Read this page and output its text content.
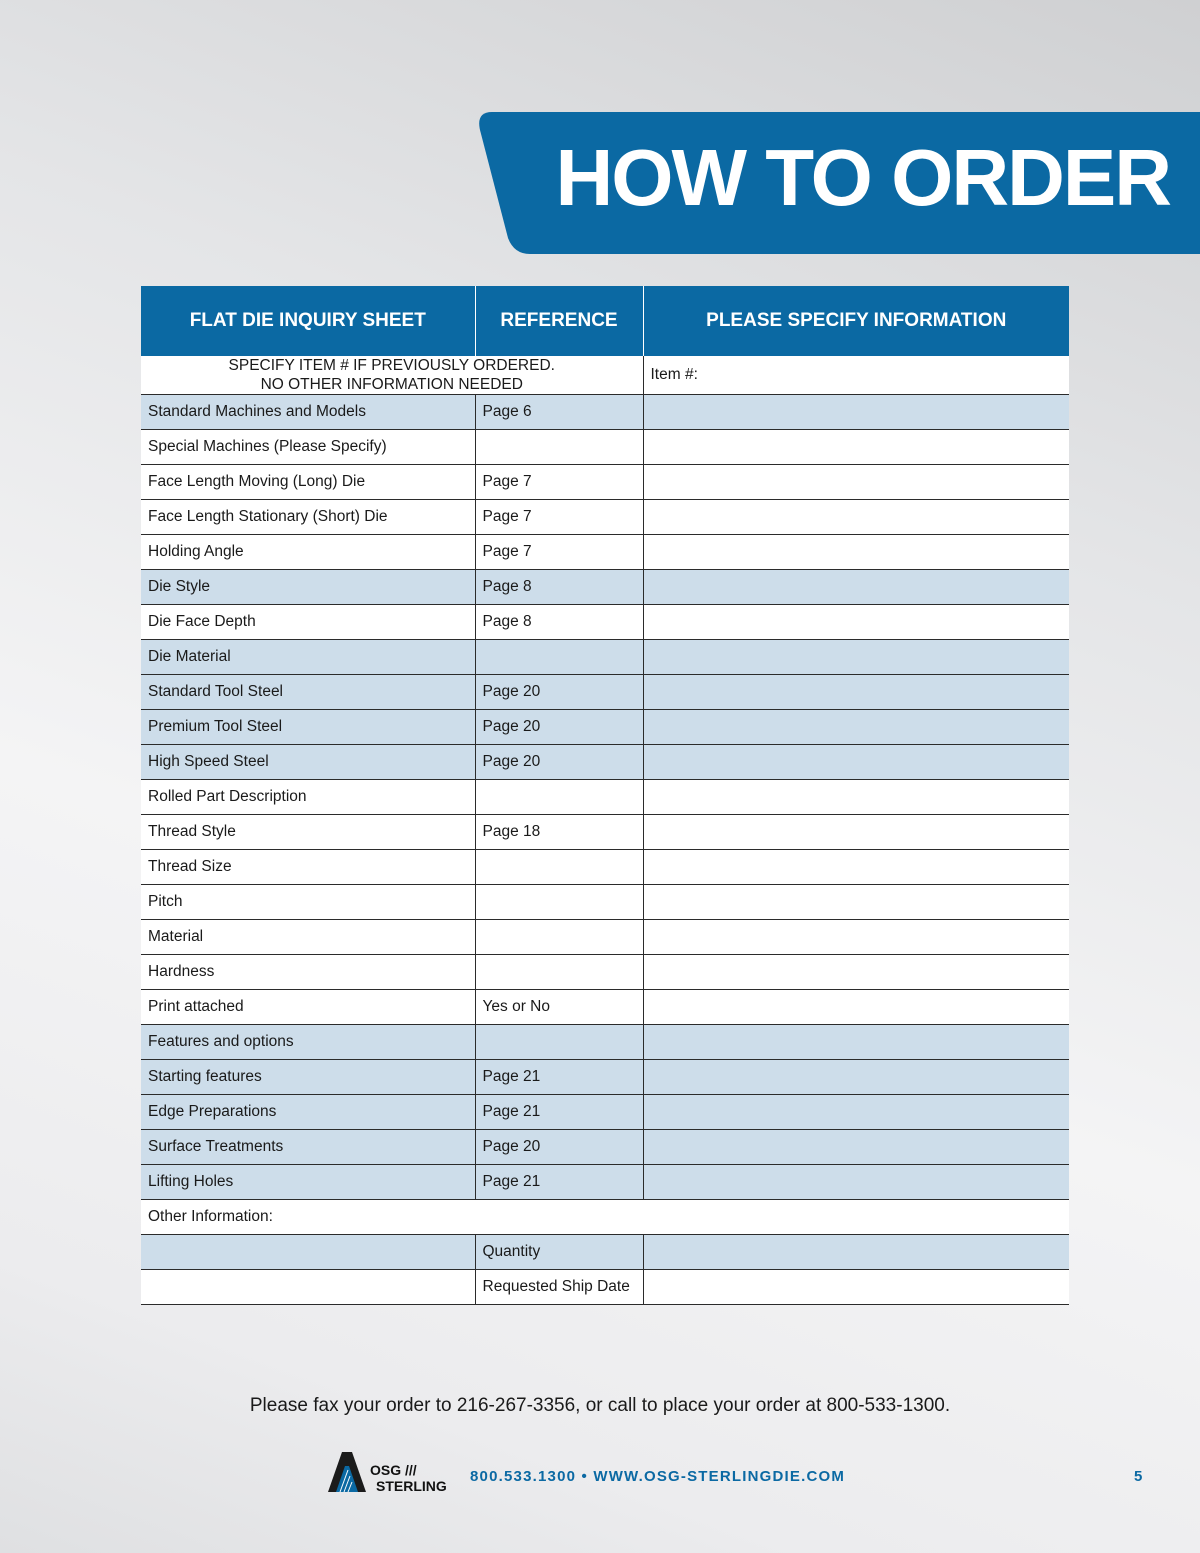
HOW TO ORDER
FLAT DIE INQUIRY SHEET	REFERENCE	PLEASE SPECIFY INFORMATION

SPECIFY ITEM # IF PREVIOUSLY ORDERED.
NO OTHER INFORMATION NEEDED		Item #:
Standard Machines and Models	Page 6	
Special Machines (Please Specify)		
Face Length Moving (Long) Die	Page 7	
Face Length Stationary (Short) Die	Page 7	
Holding Angle	Page 7	
Die Style	Page 8	
Die Face Depth	Page 8	
Die Material		
Standard Tool Steel	Page 20	
Premium Tool Steel	Page 20	
High Speed Steel	Page 20	
Rolled Part Description		
Thread Style	Page 18	
Thread Size		
Pitch		
Material		
Hardness		
Print attached	Yes or No	
Features and options		
Starting features	Page 21	
Edge Preparations	Page 21	
Surface Treatments	Page 20	
Lifting Holes	Page 21	
Other Information:		
	Quantity	
	Requested Ship Date	
Please fax your order to 216-267-3356, or call to place your order at 800-533-1300.
OSG ///
STERLING
800.533.1300 • WWW.OSG-STERLINGDIE.COM	5
